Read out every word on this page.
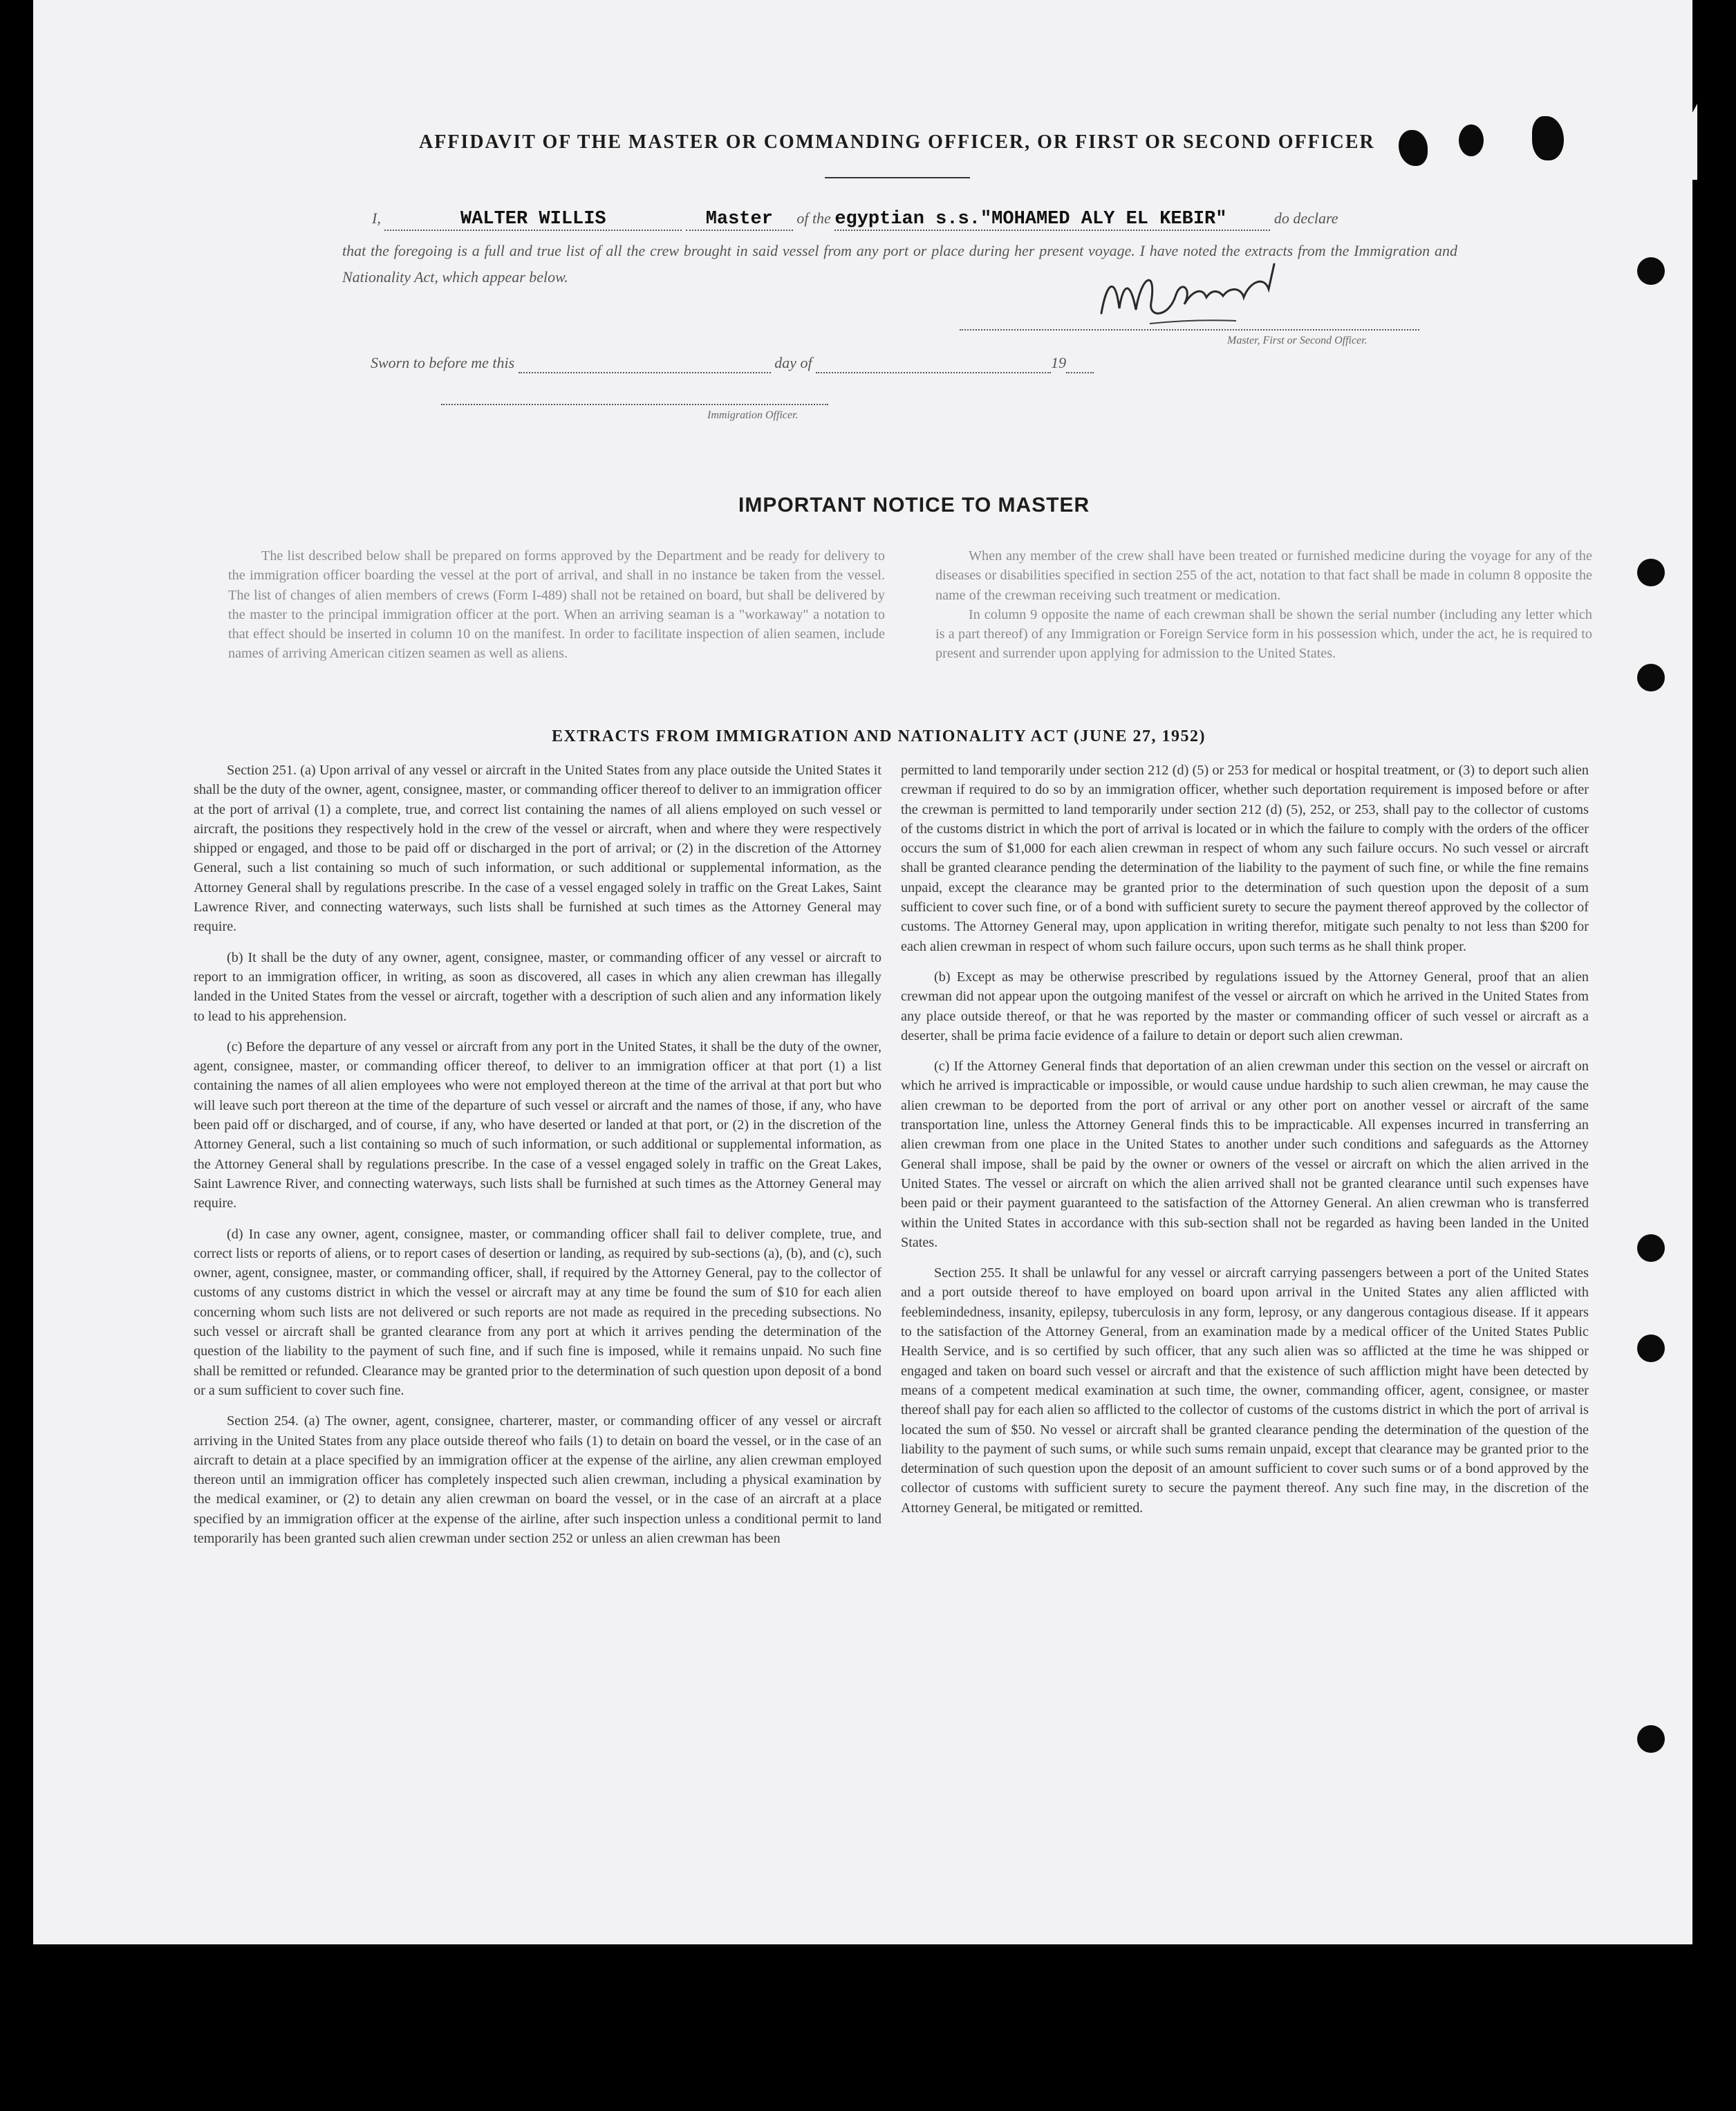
AFFIDAVIT OF THE MASTER OR COMMANDING OFFICER, OR FIRST OR SECOND OFFICER
I,	WALTER WILLIS	Master of the egyptian s.s."MOHAMED ALY EL KEBIR"	do declare
that the foregoing is a full and true list of all the crew brought in said vessel from any port or place during her present voyage. I have noted the extracts from the Immigration and Nationality Act, which appear below.
Master, First or Second Officer.
Sworn to before me this	day of	19
Immigration Officer.
IMPORTANT NOTICE TO MASTER

The list described below shall be prepared on forms approved by the Department and be ready for delivery to the immigration officer boarding the vessel at the port of arrival, and shall in no instance be taken from the vessel. The list of changes of alien members of crews (Form I-489) shall not be retained on board, but shall be delivered by the master to the principal immigration officer at the port. When an arriving seaman is a "workaway" a notation to that effect should be inserted in column 10 on the manifest. In order to facilitate inspection of alien seamen, include names of arriving American citizen seamen as well as aliens.

When any member of the crew shall have been treated or furnished medicine during the voyage for any of the diseases or disabilities specified in section 255 of the act, notation to that fact shall be made in column 8 opposite the name of the crewman receiving such treatment or medication.

In column 9 opposite the name of each crewman shall be shown the serial number (including any letter which is a part thereof) of any Immigration or Foreign Service form in his possession which, under the act, he is required to present and surrender upon applying for admission to the United States.

EXTRACTS FROM IMMIGRATION AND NATIONALITY ACT (JUNE 27, 1952)

Section 251. (a) Upon arrival of any vessel or aircraft in the United States from any place outside the United States it shall be the duty of the owner, agent, consignee, master, or commanding officer thereof to deliver to an immigration officer at the port of arrival (1) a complete, true, and correct list containing the names of all aliens employed on such vessel or aircraft, the positions they respectively hold in the crew of the vessel or aircraft, when and where they were respectively shipped or engaged, and those to be paid off or discharged in the port of arrival; or (2) in the discretion of the Attorney General, such a list containing so much of such information, or such additional or supplemental information, as the Attorney General shall by regulations prescribe. In the case of a vessel engaged solely in traffic on the Great Lakes, Saint Lawrence River, and connecting waterways, such lists shall be furnished at such times as the Attorney General may require.

(b) It shall be the duty of any owner, agent, consignee, master, or commanding officer of any vessel or aircraft to report to an immigration officer, in writing, as soon as discovered, all cases in which any alien crewman has illegally landed in the United States from the vessel or aircraft, together with a description of such alien and any information likely to lead to his apprehension.

(c) Before the departure of any vessel or aircraft from any port in the United States, it shall be the duty of the owner, agent, consignee, master, or commanding officer thereof, to deliver to an immigration officer at that port (1) a list containing the names of all alien employees who were not employed thereon at the time of the arrival at that port but who will leave such port thereon at the time of the departure of such vessel or aircraft and the names of those, if any, who have been paid off or discharged, and of course, if any, who have deserted or landed at that port, or (2) in the discretion of the Attorney General, such a list containing so much of such information, or such additional or supplemental information, as the Attorney General shall by regulations prescribe. In the case of a vessel engaged solely in traffic on the Great Lakes, Saint Lawrence River, and connecting waterways, such lists shall be furnished at such times as the Attorney General may require.

(d) In case any owner, agent, consignee, master, or commanding officer shall fail to deliver complete, true, and correct lists or reports of aliens, or to report cases of desertion or landing, as required by sub-sections (a), (b), and (c), such owner, agent, consignee, master, or commanding officer, shall, if required by the Attorney General, pay to the collector of customs of any customs district in which the vessel or aircraft may at any time be found the sum of $10 for each alien concerning whom such lists are not delivered or such reports are not made as required in the preceding subsections. No such vessel or aircraft shall be granted clearance from any port at which it arrives pending the determination of the question of the liability to the payment of such fine, and if such fine is imposed, while it remains unpaid. No such fine shall be remitted or refunded. Clearance may be granted prior to the determination of such question upon deposit of a bond or a sum sufficient to cover such fine.

Section 254. (a) The owner, agent, consignee, charterer, master, or commanding officer of any vessel or aircraft arriving in the United States from any place outside thereof who fails (1) to detain on board the vessel, or in the case of an aircraft to detain at a place specified by an immigration officer at the expense of the airline, any alien crewman employed thereon until an immigration officer has completely inspected such alien crewman, including a physical examination by the medical examiner, or (2) to detain any alien crewman on board the vessel, or in the case of an aircraft at a place specified by an immigration officer at the expense of the airline, after such inspection unless a conditional permit to land temporarily has been granted such alien crewman under section 252 or unless an alien crewman has been

permitted to land temporarily under section 212 (d) (5) or 253 for medical or hospital treatment, or (3) to deport such alien crewman if required to do so by an immigration officer, whether such deportation requirement is imposed before or after the crewman is permitted to land temporarily under section 212 (d) (5), 252, or 253, shall pay to the collector of customs of the customs district in which the port of arrival is located or in which the failure to comply with the orders of the officer occurs the sum of $1,000 for each alien crewman in respect of whom any such failure occurs. No such vessel or aircraft shall be granted clearance pending the determination of the liability to the payment of such fine, or while the fine remains unpaid, except the clearance may be granted prior to the determination of such question upon the deposit of a sum sufficient to cover such fine, or of a bond with sufficient surety to secure the payment thereof approved by the collector of customs. The Attorney General may, upon application in writing therefor, mitigate such penalty to not less than $200 for each alien crewman in respect of whom such failure occurs, upon such terms as he shall think proper.

(b) Except as may be otherwise prescribed by regulations issued by the Attorney General, proof that an alien crewman did not appear upon the outgoing manifest of the vessel or aircraft on which he arrived in the United States from any place outside thereof, or that he was reported by the master or commanding officer of such vessel or aircraft as a deserter, shall be prima facie evidence of a failure to detain or deport such alien crewman.

(c) If the Attorney General finds that deportation of an alien crewman under this section on the vessel or aircraft on which he arrived is impracticable or impossible, or would cause undue hardship to such alien crewman, he may cause the alien crewman to be deported from the port of arrival or any other port on another vessel or aircraft of the same transportation line, unless the Attorney General finds this to be impracticable. All expenses incurred in transferring an alien crewman from one place in the United States to another under such conditions and safeguards as the Attorney General shall impose, shall be paid by the owner or owners of the vessel or aircraft on which the alien arrived in the United States. The vessel or aircraft on which the alien arrived shall not be granted clearance until such expenses have been paid or their payment guaranteed to the satisfaction of the Attorney General. An alien crewman who is transferred within the United States in accordance with this sub-section shall not be regarded as having been landed in the United States.

Section 255. It shall be unlawful for any vessel or aircraft carrying passengers between a port of the United States and a port outside thereof to have employed on board upon arrival in the United States any alien afflicted with feeblemindedness, insanity, epilepsy, tuberculosis in any form, leprosy, or any dangerous contagious disease. If it appears to the satisfaction of the Attorney General, from an examination made by a medical officer of the United States Public Health Service, and is so certified by such officer, that any such alien was so afflicted at the time he was shipped or engaged and taken on board such vessel or aircraft and that the existence of such affliction might have been detected by means of a competent medical examination at such time, the owner, commanding officer, agent, consignee, or master thereof shall pay for each alien so afflicted to the collector of customs of the customs district in which the port of arrival is located the sum of $50. No vessel or aircraft shall be granted clearance pending the determination of the question of the liability to the payment of such sums, or while such sums remain unpaid, except that clearance may be granted prior to the determination of such question upon the deposit of an amount sufficient to cover such sums or of a bond approved by the collector of customs with sufficient surety to secure the payment thereof. Any such fine may, in the discretion of the Attorney General, be mitigated or remitted.
